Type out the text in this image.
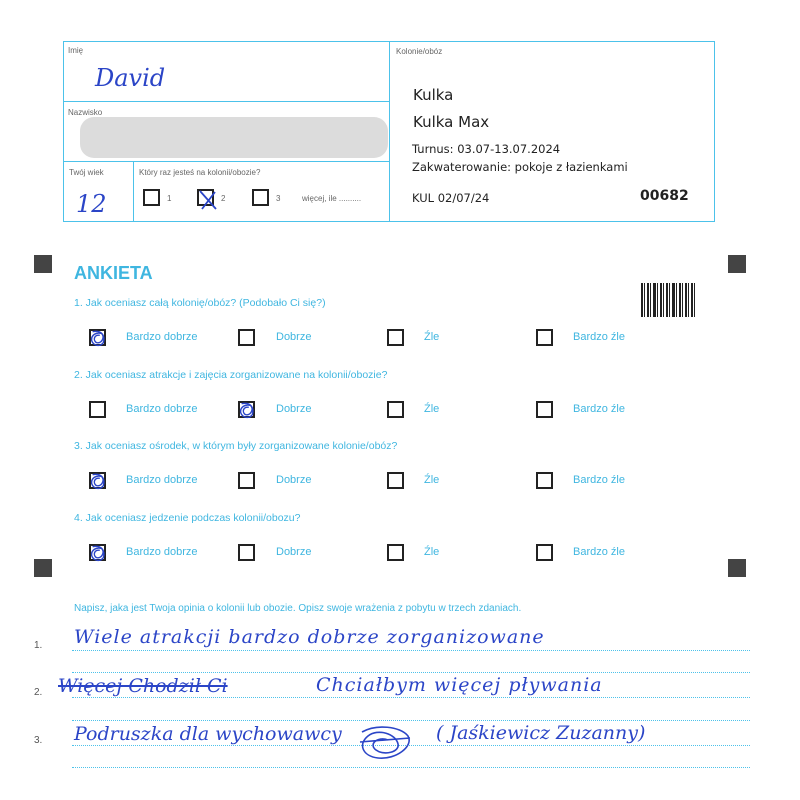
Imię
David
Nazwisko
Twój wiek
12
Który raz jesteś na kolonii/obozie?
1	2	3	więcej, ile ..........
Kolonie/obóz
Kulka
Kulka Max
Turnus: 03.07-13.07.2024
Zakwaterowanie: pokoje z łazienkami
KUL 02/07/24	00682
ANKIETA
1. Jak oceniasz całą kolonię/obóz? (Podobało Ci się?)
Bardzo dobrze	Dobrze	Źle	Bardzo źle
2. Jak oceniasz atrakcje i zajęcia zorganizowane na kolonii/obozie?
Bardzo dobrze	Dobrze	Źle	Bardzo źle
3. Jak oceniasz ośrodek, w którym były zorganizowane kolonie/obóz?
Bardzo dobrze	Dobrze	Źle	Bardzo źle
4. Jak oceniasz jedzenie podczas kolonii/obozu?
Bardzo dobrze	Dobrze	Źle	Bardzo źle
Napisz, jaka jest Twoja opinia o kolonii lub obozie. Opisz swoje wrażenia z pobytu w trzech zdaniach.
1.
2.
3.
Wiele atrakcji bardzo dobrze zorganizowane
Więcej Chodził Ci	Chciałbym więcej pływania
Podruszka dla wychowawcy	( Jaśkiewicz Zuzanny)
